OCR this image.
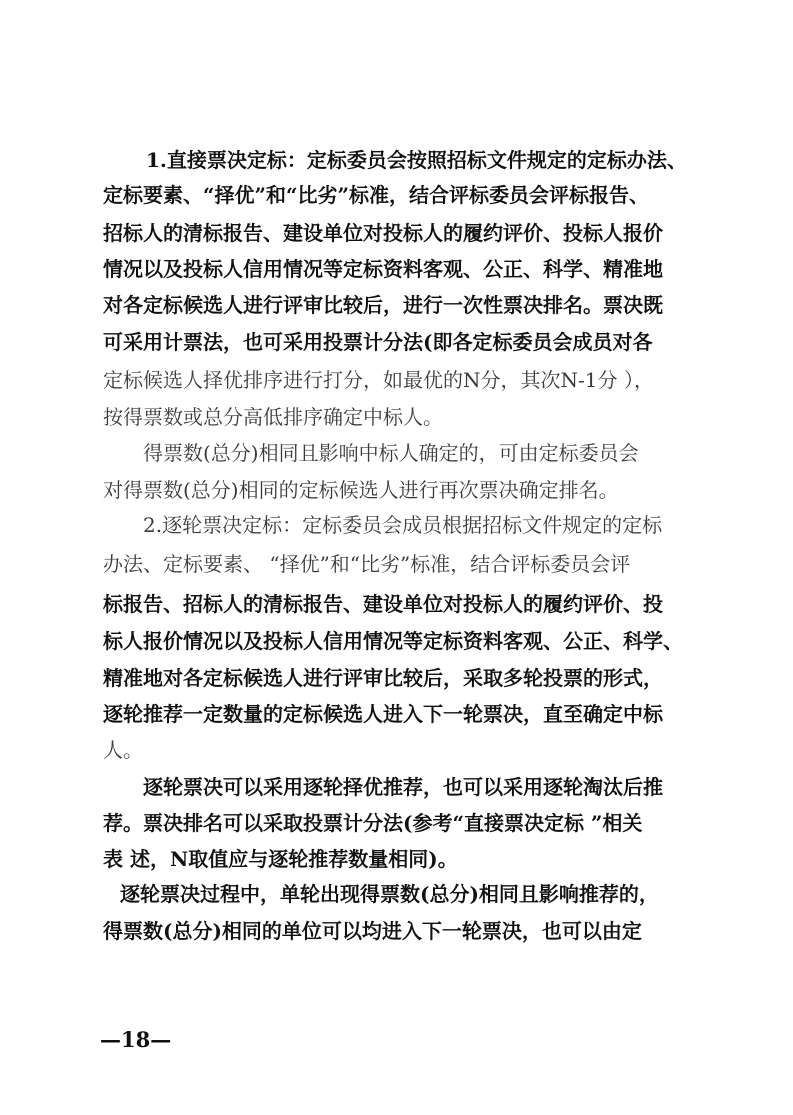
1.直接票决定标：定标委员会按照招标文件规定的定标办法、
定标要素、“择优”和“比劣”标准，结合评标委员会评标报告、
招标人的清标报告、建设单位对投标人的履约评价、投标人报价
情况以及投标人信用情况等定标资料客观、公正、科学、精准地
对各定标候选人进行评审比较后，进行一次性票决排名。票决既
可采用计票法，也可采用投票计分法(即各定标委员会成员对各
定标候选人择优排序进行打分，如最优的N分，其次N-1分 ），
按得票数或总分高低排序确定中标人。
得票数(总分)相同且影响中标人确定的，可由定标委员会
对得票数(总分)相同的定标候选人进行再次票决确定排名。
2.逐轮票决定标：定标委员会成员根据招标文件规定的定标
办法、定标要素、 “择优”和“比劣”标准，结合评标委员会评
标报告、招标人的清标报告、建设单位对投标人的履约评价、投
标人报价情况以及投标人信用情况等定标资料客观、公正、科学、
精准地对各定标候选人进行评审比较后，采取多轮投票的形式，
逐轮推荐一定数量的定标候选人进入下一轮票决，直至确定中标
人。
逐轮票决可以采用逐轮择优推荐，也可以采用逐轮淘汰后推
荐。票决排名可以采取投票计分法(参考“直接票决定标 ”相关
表 述，N取值应与逐轮推荐数量相同)。
逐轮票决过程中，单轮出现得票数(总分)相同且影响推荐的，
得票数(总分)相同的单位可以均进入下一轮票决，也可以由定
—18—
